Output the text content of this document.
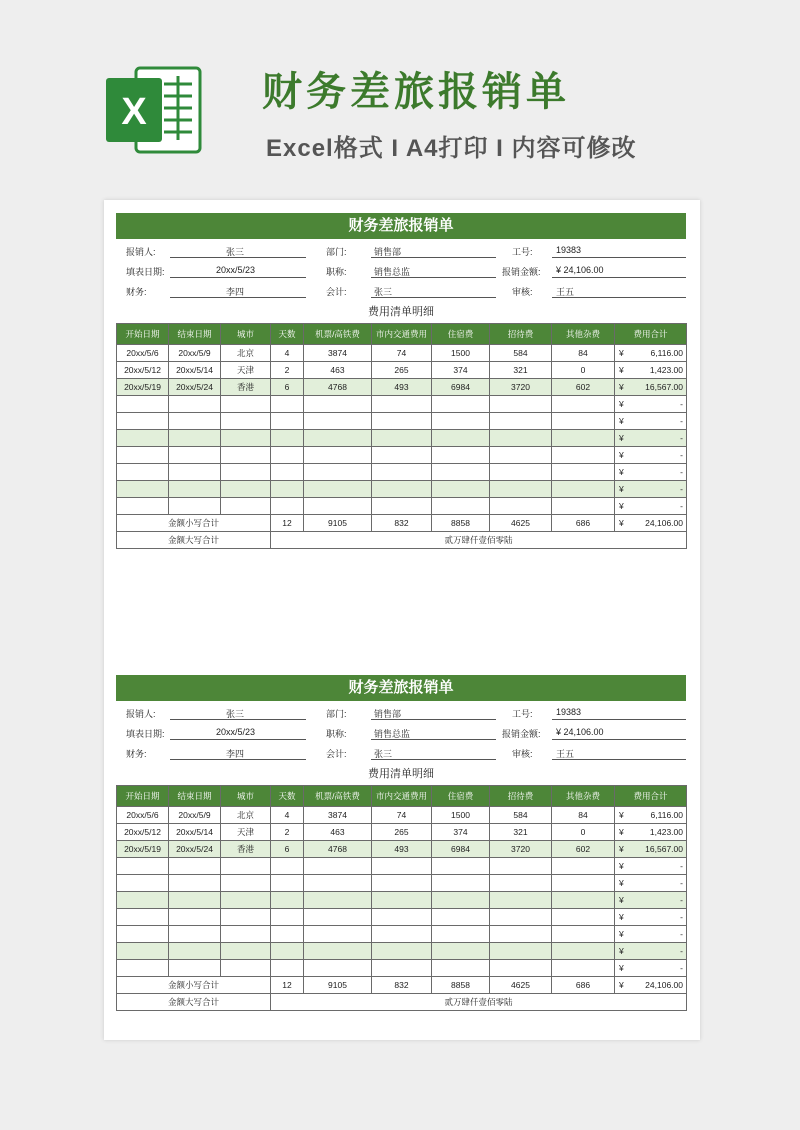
X	财务差旅报销单
Excel格式 I A4打印 I 内容可修改
财务差旅报销单
报销人:	张三	部门:	销售部	工号:	19383
填表日期:	20xx/5/23	职称:	销售总监	报销金额: ¥ 24,106.00
财务:	李四	会计:	张三	审核:	王五
费用清单明细
开始日期	结束日期	城市	天数	机票/高铁费	市内交通费用	住宿费	招待费	其他杂费	费用合计
20xx/5/6	20xx/5/9	北京	4	3874	74	1500	584	84	¥ 6,116.00

20xx/5/12	20xx/5/14	天津	2	463	265	374	321	0	¥ 1,423.00

20xx/5/19	20xx/5/24	香港	6	4768	493	6984	3720	602	¥ 16,567.00

									¥ -

									¥ -

									¥ -

									¥ -

									¥ -

									¥ -

									¥ -

金额小写合计			12	9105	832	8858	4625	686	¥ 24,106.00

金额大写合计			贰万肆仟壹佰零陆						
财务差旅报销单
报销人:	张三	部门:	销售部	工号:	19383
填表日期:	20xx/5/23	职称:	销售总监	报销金额: ¥ 24,106.00
财务:	李四	会计:	张三	审核:	王五
费用清单明细
开始日期	结束日期	城市	天数	机票/高铁费	市内交通费用	住宿费	招待费	其他杂费	费用合计
20xx/5/6	20xx/5/9	北京	4	3874	74	1500	584	84	¥ 6,116.00

20xx/5/12	20xx/5/14	天津	2	463	265	374	321	0	¥ 1,423.00

20xx/5/19	20xx/5/24	香港	6	4768	493	6984	3720	602	¥ 16,567.00

									¥ -

									¥ -

									¥ -

									¥ -

									¥ -

									¥ -

									¥ -

金额小写合计			12	9105	832	8858	4625	686	¥ 24,106.00

金额大写合计			贰万肆仟壹佰零陆						
